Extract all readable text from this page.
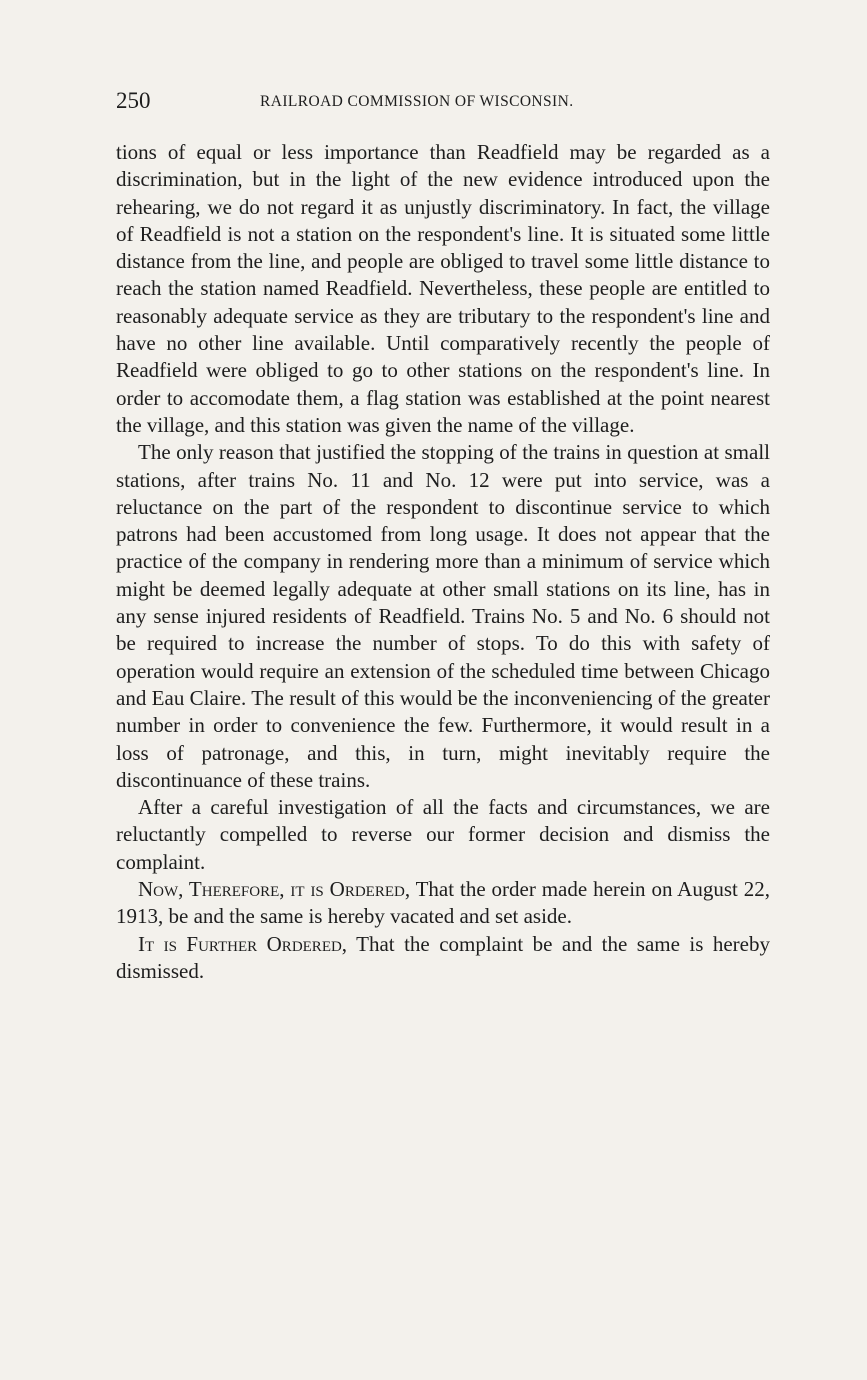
250	RAILROAD COMMISSION OF WISCONSIN.

tions of equal or less importance than Readfield may be regarded as a discrimination, but in the light of the new evidence introduced upon the rehearing, we do not regard it as unjustly discriminatory. In fact, the village of Readfield is not a station on the respondent's line. It is situated some little distance from the line, and people are obliged to travel some little distance to reach the station named Readfield. Nevertheless, these people are entitled to reasonably adequate service as they are tributary to the respondent's line and have no other line available. Until comparatively recently the people of Readfield were obliged to go to other stations on the respondent's line. In order to accomodate them, a flag station was established at the point nearest the village, and this station was given the name of the village.

The only reason that justified the stopping of the trains in question at small stations, after trains No. 11 and No. 12 were put into service, was a reluctance on the part of the respondent to discontinue service to which patrons had been accustomed from long usage. It does not appear that the practice of the company in rendering more than a minimum of service which might be deemed legally adequate at other small stations on its line, has in any sense injured residents of Readfield. Trains No. 5 and No. 6 should not be required to increase the number of stops. To do this with safety of operation would require an extension of the scheduled time between Chicago and Eau Claire. The result of this would be the inconveniencing of the greater number in order to convenience the few. Furthermore, it would result in a loss of patronage, and this, in turn, might inevitably require the discontinuance of these trains.

After a careful investigation of all the facts and circumstances, we are reluctantly compelled to reverse our former decision and dismiss the complaint.

Now, Therefore, it is Ordered, That the order made herein on August 22, 1913, be and the same is hereby vacated and set aside.

It is Further Ordered, That the complaint be and the same is hereby dismissed.
